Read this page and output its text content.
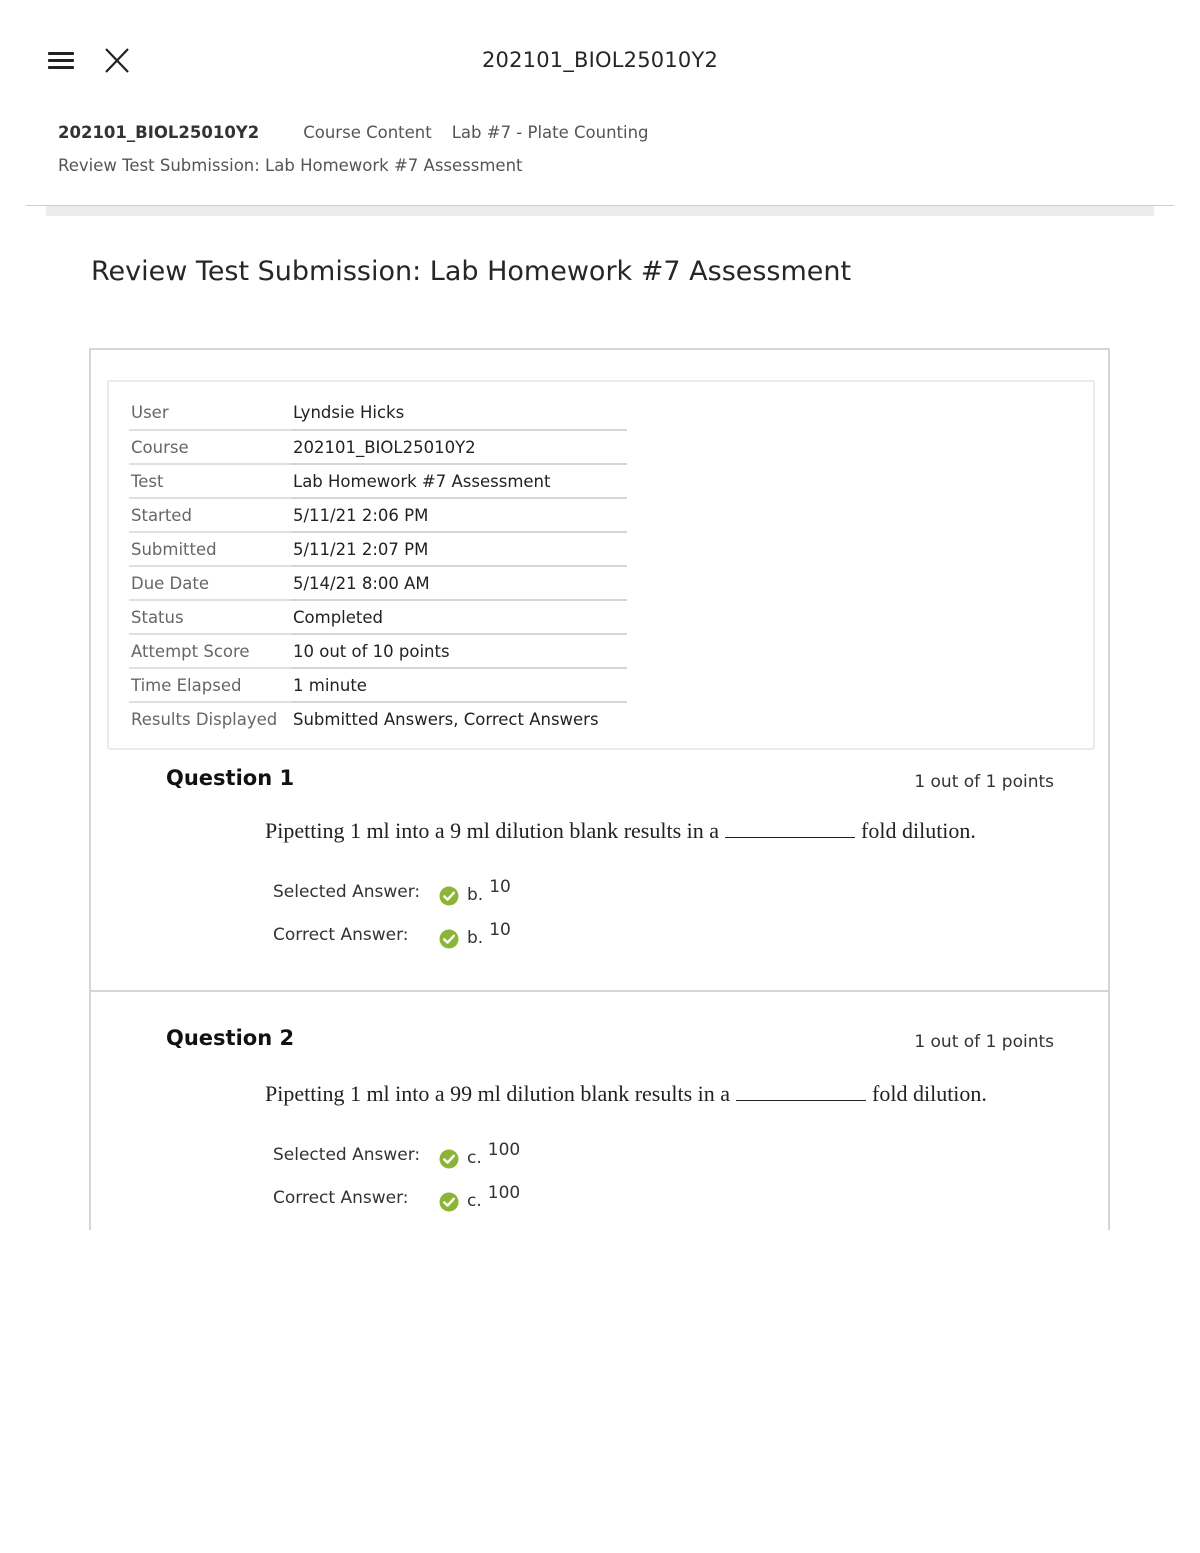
202101_BIOL25010Y2
202101_BIOL25010Y2	Course Content Lab #7 - Plate Counting
Review Test Submission: Lab Homework #7 Assessment
Review Test Submission: Lab Homework #7 Assessment
User	Lyndsie Hicks
Course	202101_BIOL25010Y2
Test	Lab Homework #7 Assessment
Started	5/11/21 2:06 PM
Submitted	5/11/21 2:07 PM
Due Date	5/14/21 8:00 AM
Status	Completed
Attempt Score	10 out of 10 points
Time Elapsed	1 minute
Results Displayed	Submitted Answers, Correct Answers
Question 1	1 out of 1 points
Pipetting 1 ml into a 9 ml dilution blank results in a	fold dilution.
Selected Answer:	b. 10
Correct Answer:	b. 10
Question 2	1 out of 1 points
Pipetting 1 ml into a 99 ml dilution blank results in a	fold dilution.
Selected Answer:	c. 100
Correct Answer:	c. 100
